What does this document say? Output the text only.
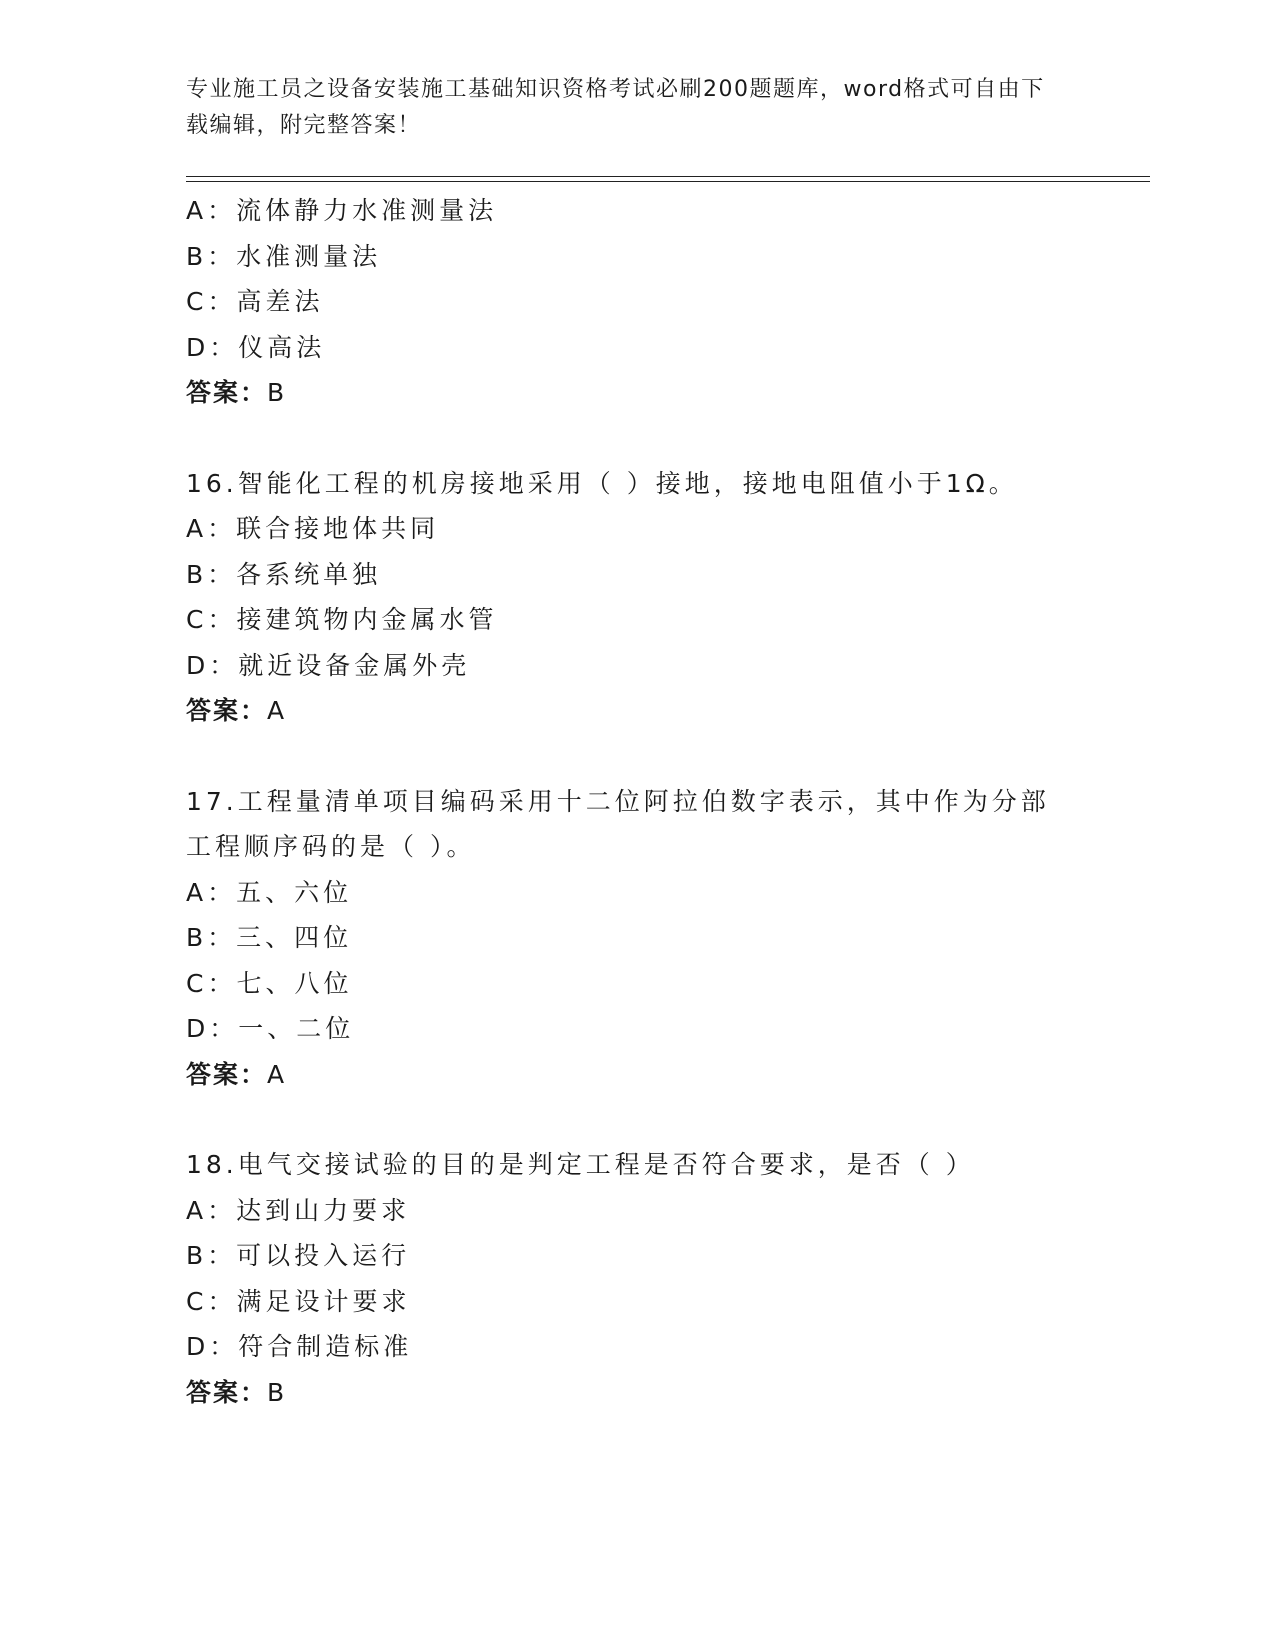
专业施工员之设备安装施工基础知识资格考试必刷200题题库，word格式可自由下载编辑，附完整答案！
A：流体静力水准测量法
B：水准测量法
C：高差法
D：仪高法
答案：B
16.智能化工程的机房接地采用（ ）接地，接地电阻值小于1Ω。
A：联合接地体共同
B：各系统单独
C：接建筑物内金属水管
D：就近设备金属外壳
答案：A
17.工程量清单项目编码采用十二位阿拉伯数字表示，其中作为分部工程顺序码的是（ ）。
A：五、六位
B：三、四位
C：七、八位
D：一、二位
答案：A
18.电气交接试验的目的是判定工程是否符合要求，是否（ ）
A：达到山力要求
B：可以投入运行
C：满足设计要求
D：符合制造标准
答案：B
